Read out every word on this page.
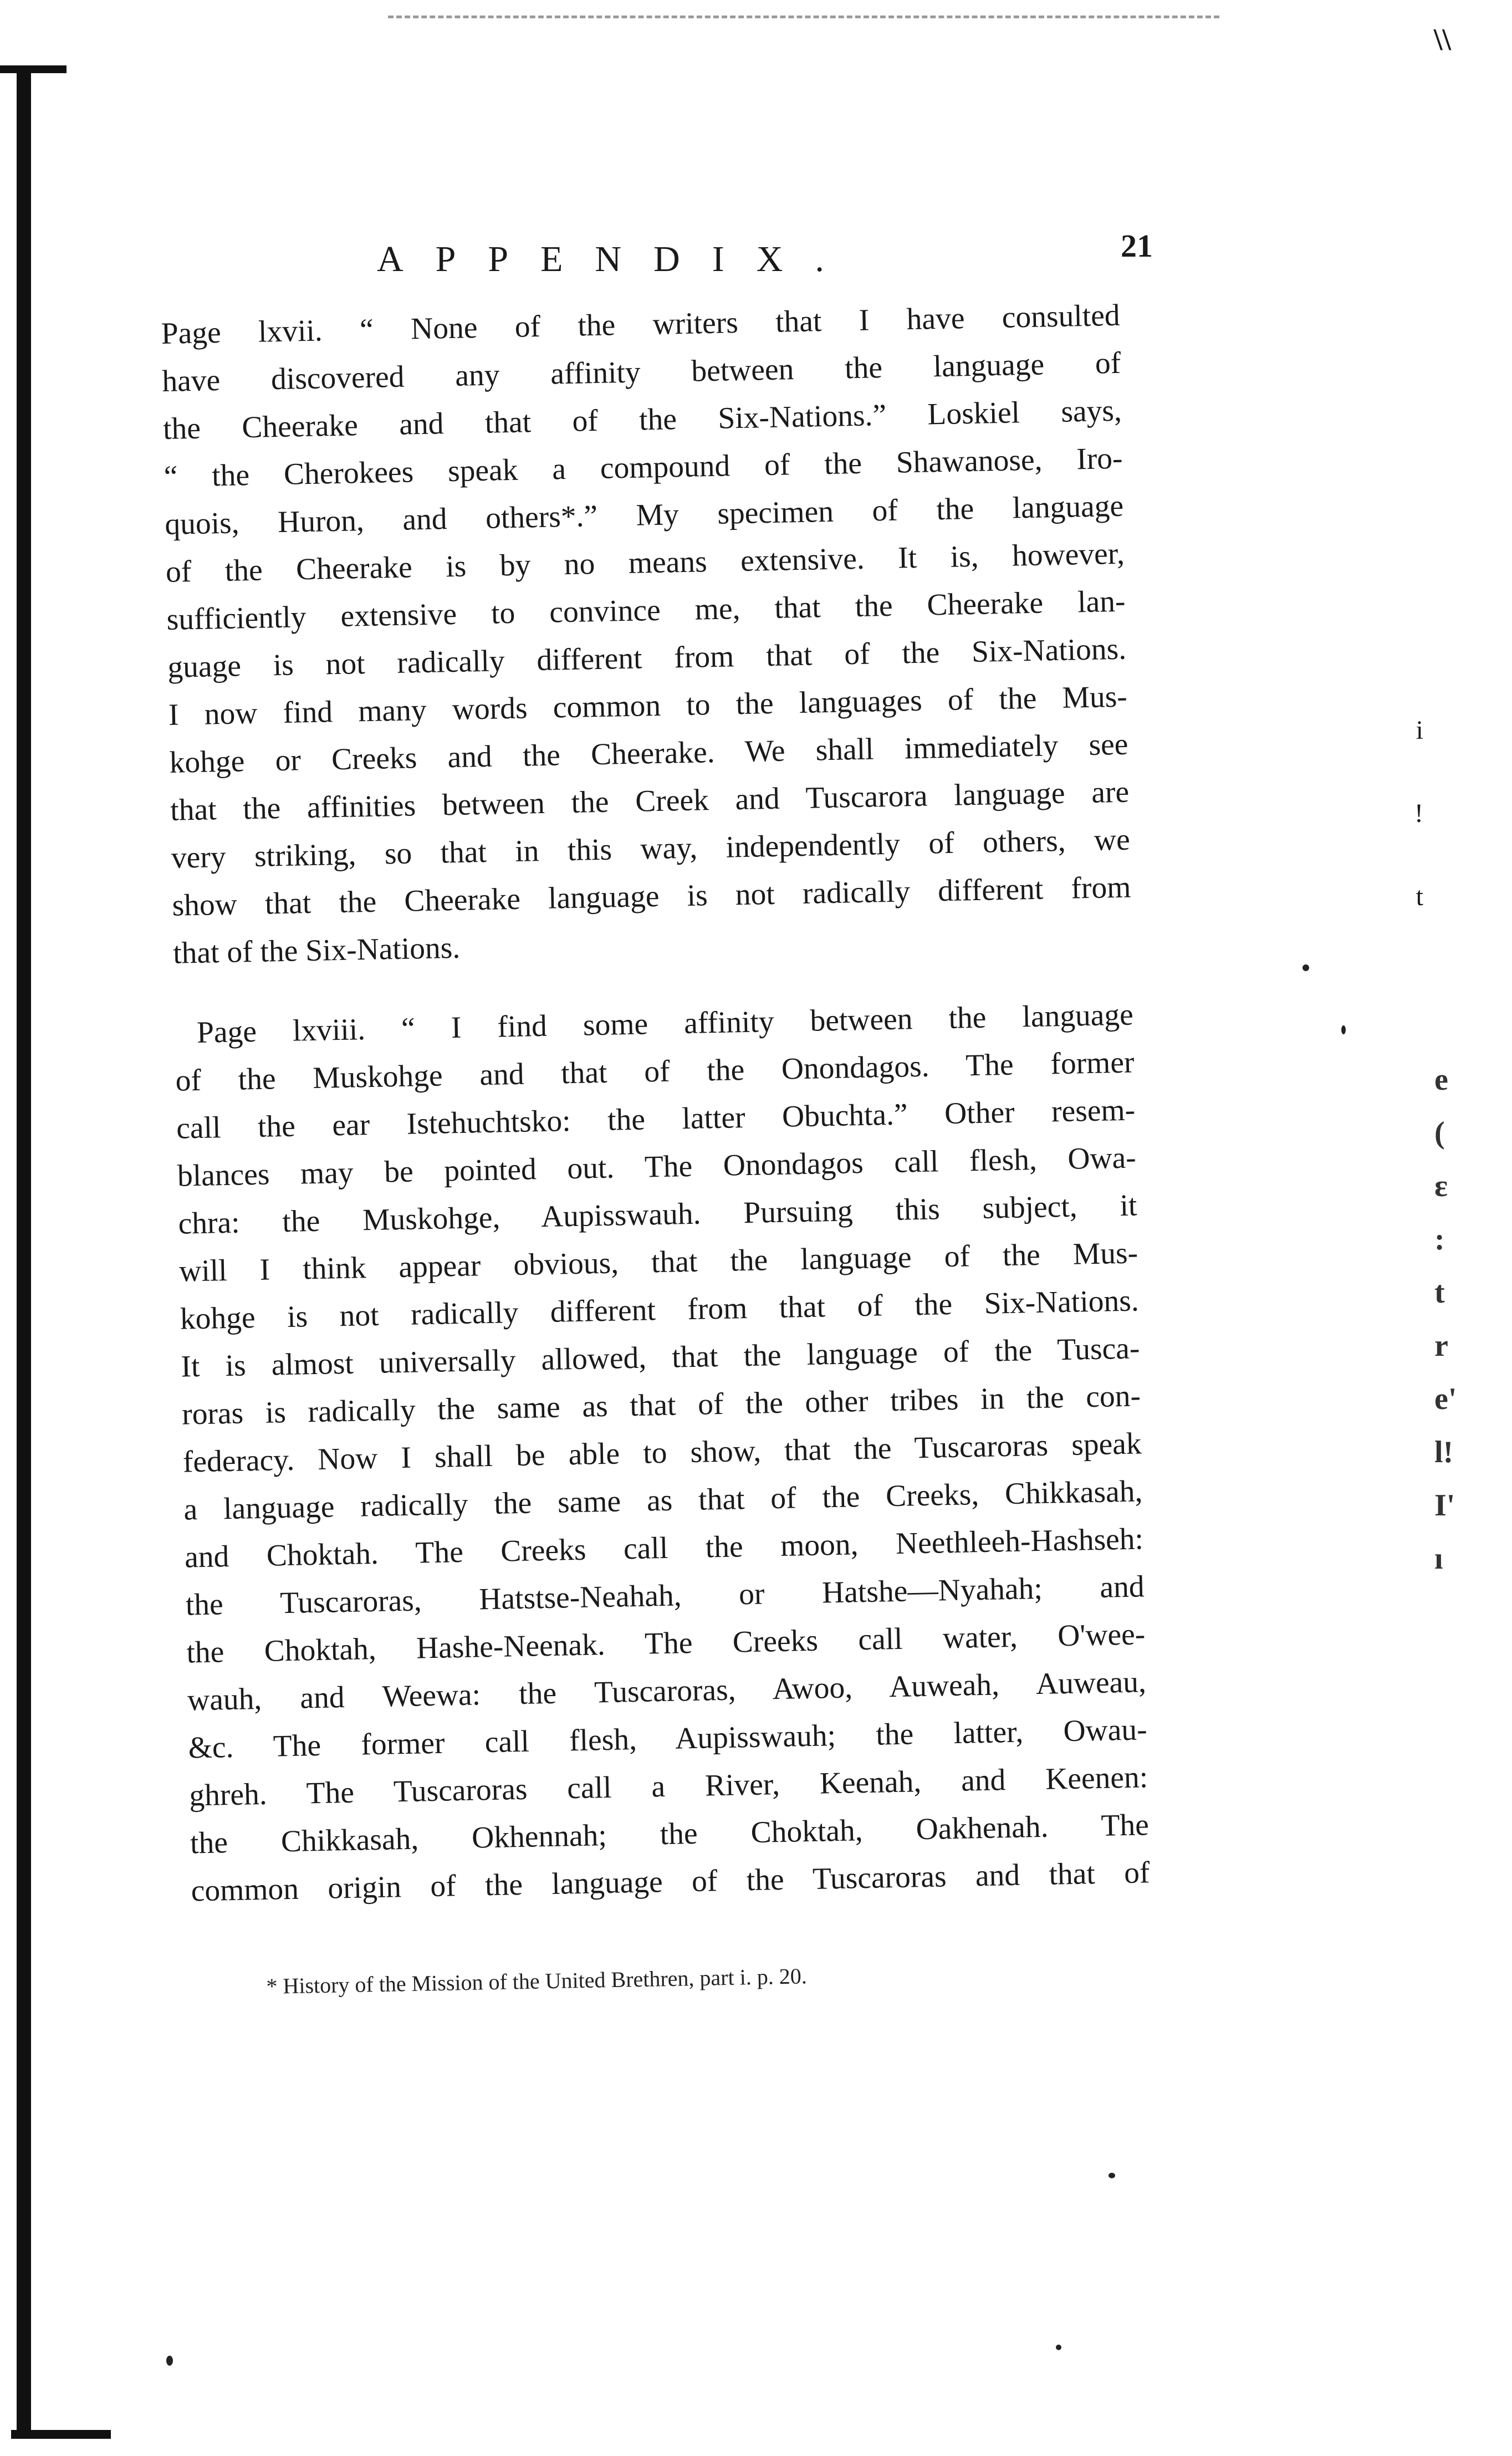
APPENDIX.	21
Page lxvii. “ None of the writers that I have consulted
have discovered any affinity between the language of
the Cheerake and that of the Six-Nations.” Loskiel says,
“ the Cherokees speak a compound of the Shawanose, Iro-
quois, Huron, and others*.” My specimen of the language
of the Cheerake is by no means extensive. It is, however,
sufficiently extensive to convince me, that the Cheerake lan-
guage is not radically different from that of the Six-Nations.
I now find many words common to the languages of the Mus-
kohge or Creeks and the Cheerake. We shall immediately see
that the affinities between the Creek and Tuscarora language are
very striking, so that in this way, independently of others, we
show that the Cheerake language is not radically different from
that of the Six-Nations.
Page lxviii. “ I find some affinity between the language
of the Muskohge and that of the Onondagos. The former
call the ear Istehuchtsko: the latter Obuchta.” Other resem-
blances may be pointed out. The Onondagos call flesh, Owa-
chra: the Muskohge, Aupisswauh. Pursuing this subject, it
will I think appear obvious, that the language of the Mus-
kohge is not radically different from that of the Six-Nations.
It is almost universally allowed, that the language of the Tusca-
roras is radically the same as that of the other tribes in the con-
federacy. Now I shall be able to show, that the Tuscaroras speak
a language radically the same as that of the Creeks, Chikkasah,
and Choktah. The Creeks call the moon, Neethleeh-Hashseh:
the Tuscaroras, Hatstse-Neahah, or Hatshe—Nyahah; and
the Choktah, Hashe-Neenak. The Creeks call water, O'wee-
wauh, and Weewa: the Tuscaroras, Awoo, Auweah, Auweau,
&c. The former call flesh, Aupisswauh; the latter, Owau-
ghreh. The Tuscaroras call a River, Keenah, and Keenen:
the Chikkasah, Okhennah; the Choktah, Oakhenah. The
common origin of the language of the Tuscaroras and that of
* History of the Mission of the United Brethren, part i. p. 20.
e
(
ɛ
:
t
r
e'
l!
I'
ı
\\
i
!
t
